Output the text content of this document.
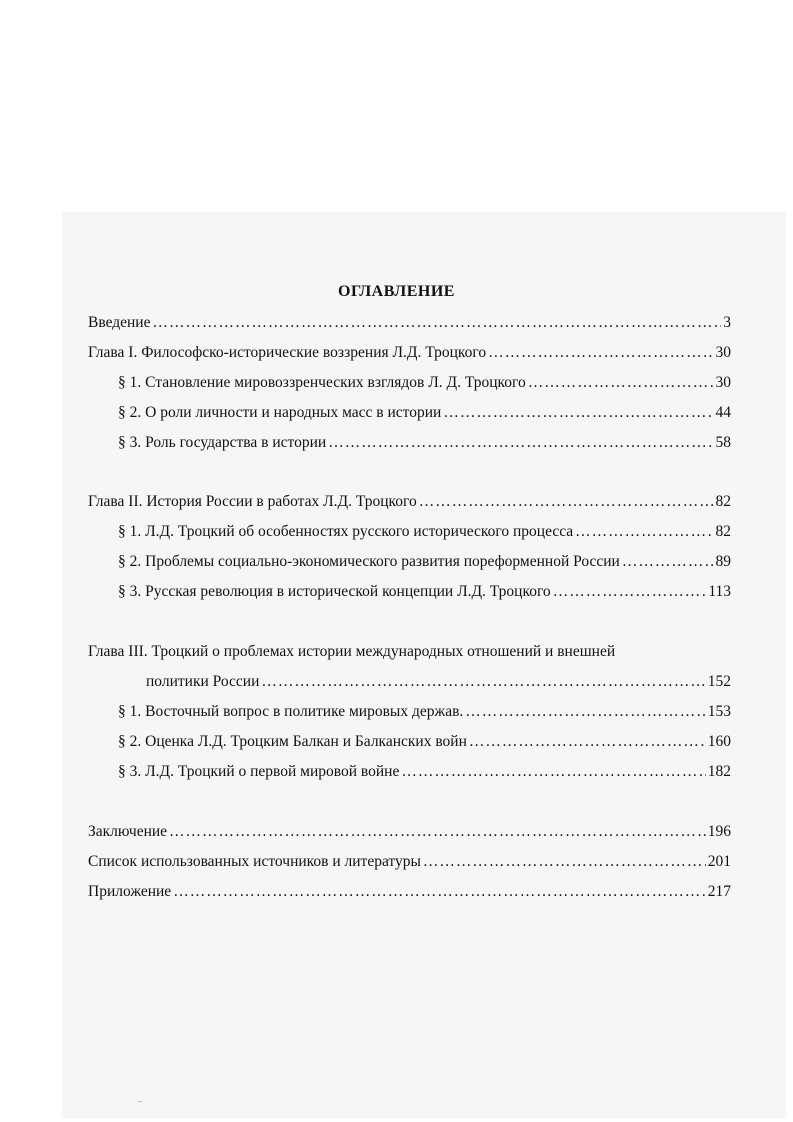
ОГЛАВЛЕНИЕ
Введение …………………………………………………………………………………………………………………………………………………………	3
Глава I. Философско-исторические воззрения Л.Д. Троцкого …………………………………………………………………………………………………………………………………………………………	30
§ 1. Становление мировоззренческих взглядов Л. Д. Троцкого …………………………………………………………………………………………………………………………………………………………	30
§ 2. О роли личности и народных масс в истории …………………………………………………………………………………………………………………………………………………………	44
§ 3. Роль государства в истории …………………………………………………………………………………………………………………………………………………………	58
Глава II. История России в работах Л.Д. Троцкого …………………………………………………………………………………………………………………………………………………………	82
§ 1. Л.Д. Троцкий об особенностях русского исторического процесса …………………………………………………………………………………………………………………………………………………………	82
§ 2. Проблемы социально-экономического развития пореформенной России …………………………………………………………………………………………………………………………………………………………	89
§ 3. Русская революция в исторической концепции Л.Д. Троцкого …………………………………………………………………………………………………………………………………………………………	113
Глава III. Троцкий о проблемах истории международных отношений и внешней
политики России …………………………………………………………………………………………………………………………………………………………	152
§ 1. Восточный вопрос в политике мировых держав. …………………………………………………………………………………………………………………………………………………………	153
§ 2. Оценка Л.Д. Троцким Балкан и Балканских войн …………………………………………………………………………………………………………………………………………………………	160
§ 3. Л.Д. Троцкий о первой мировой войне …………………………………………………………………………………………………………………………………………………………	182
Заключение …………………………………………………………………………………………………………………………………………………………	196
Список использованных источников и литературы …………………………………………………………………………………………………………………………………………………………	201
Приложение …………………………………………………………………………………………………………………………………………………………	217
